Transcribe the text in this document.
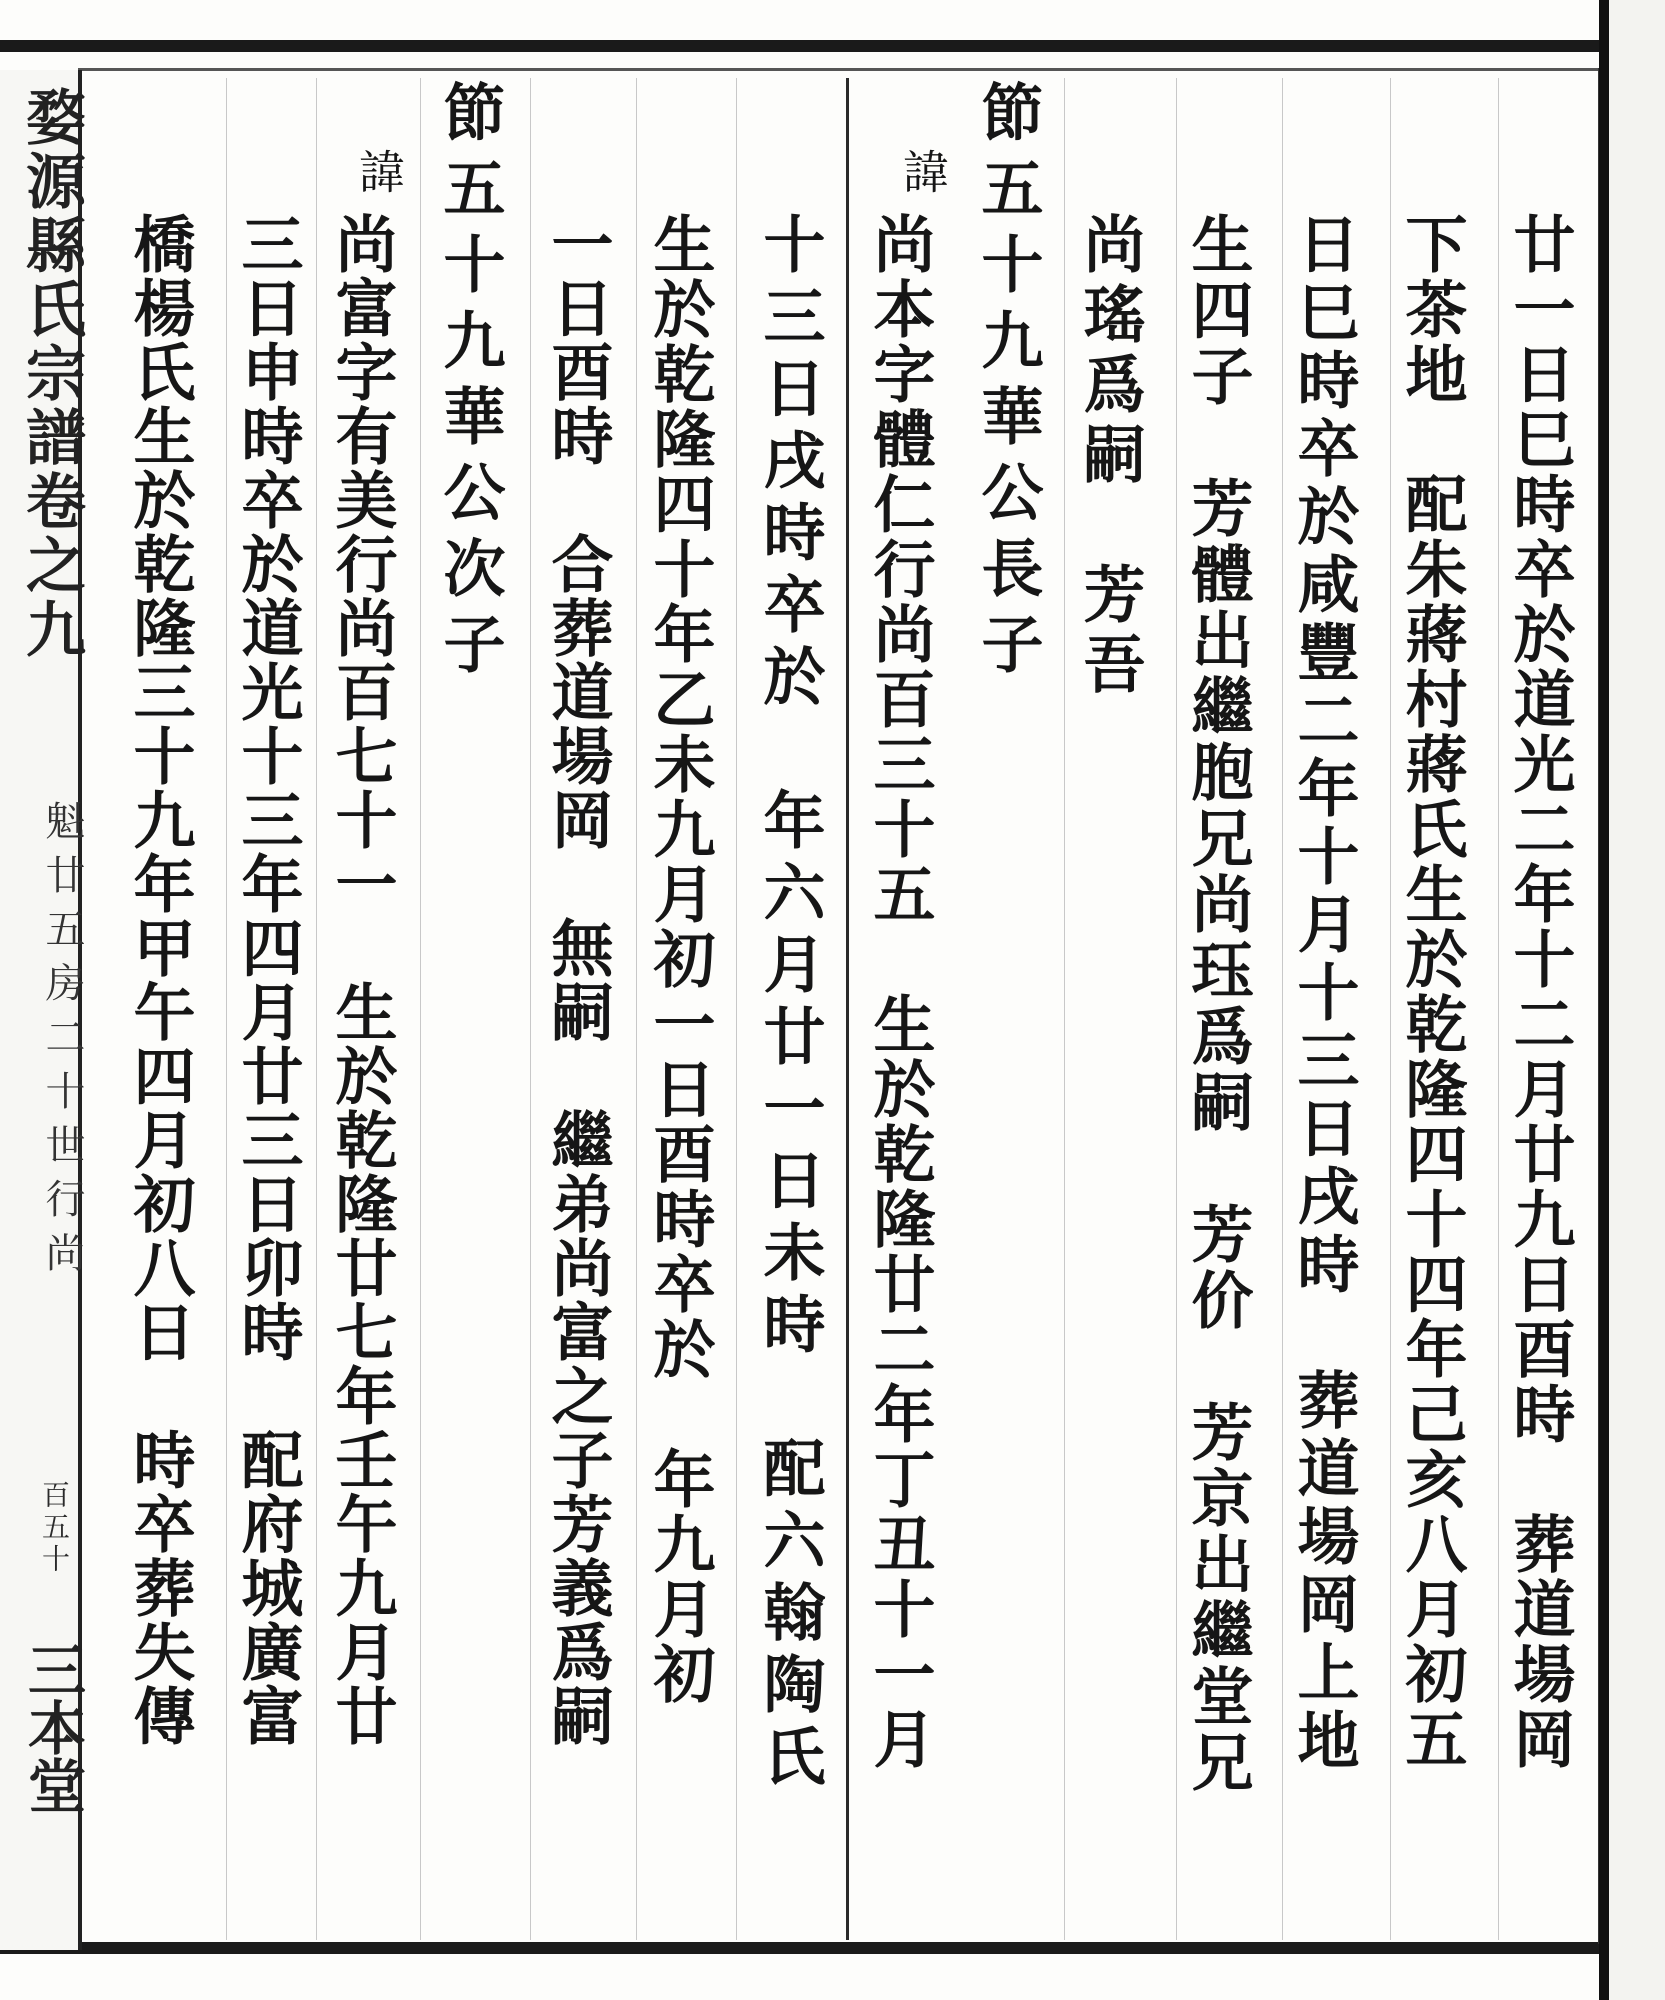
婺源縣氏宗譜卷之九
魁廿五房二十世行尚
三本堂
百五十	廿一日巳時卒於道光二年十二月廿九日酉時　葬道場岡
下茶地　配朱蔣村蔣氏生於乾隆四十四年己亥八月初五
日巳時卒於咸豐二年十月十三日戌時　葬道場岡上地
生四子　芳體出繼胞兄尚珏爲嗣　芳价　芳京出繼堂兄
尚瑤爲嗣　芳吾
節五十九華公長子
諱
尚本字體仁行尚百三十五　生於乾隆廿二年丁丑十一月
十三日戌時卒於　年六月廿一日未時　配六翰陶氏
生於乾隆四十年乙未九月初一日酉時卒於　年九月初
一日酉時　合葬道場岡　無嗣　繼弟尚富之子芳義爲嗣
節五十九華公次子
諱
尚富字有美行尚百七十一　生於乾隆廿七年壬午九月廿
三日申時卒於道光十三年四月廿三日卯時　配府城廣富
橋楊氏生於乾隆三十九年甲午四月初八日　時卒葬失傳
